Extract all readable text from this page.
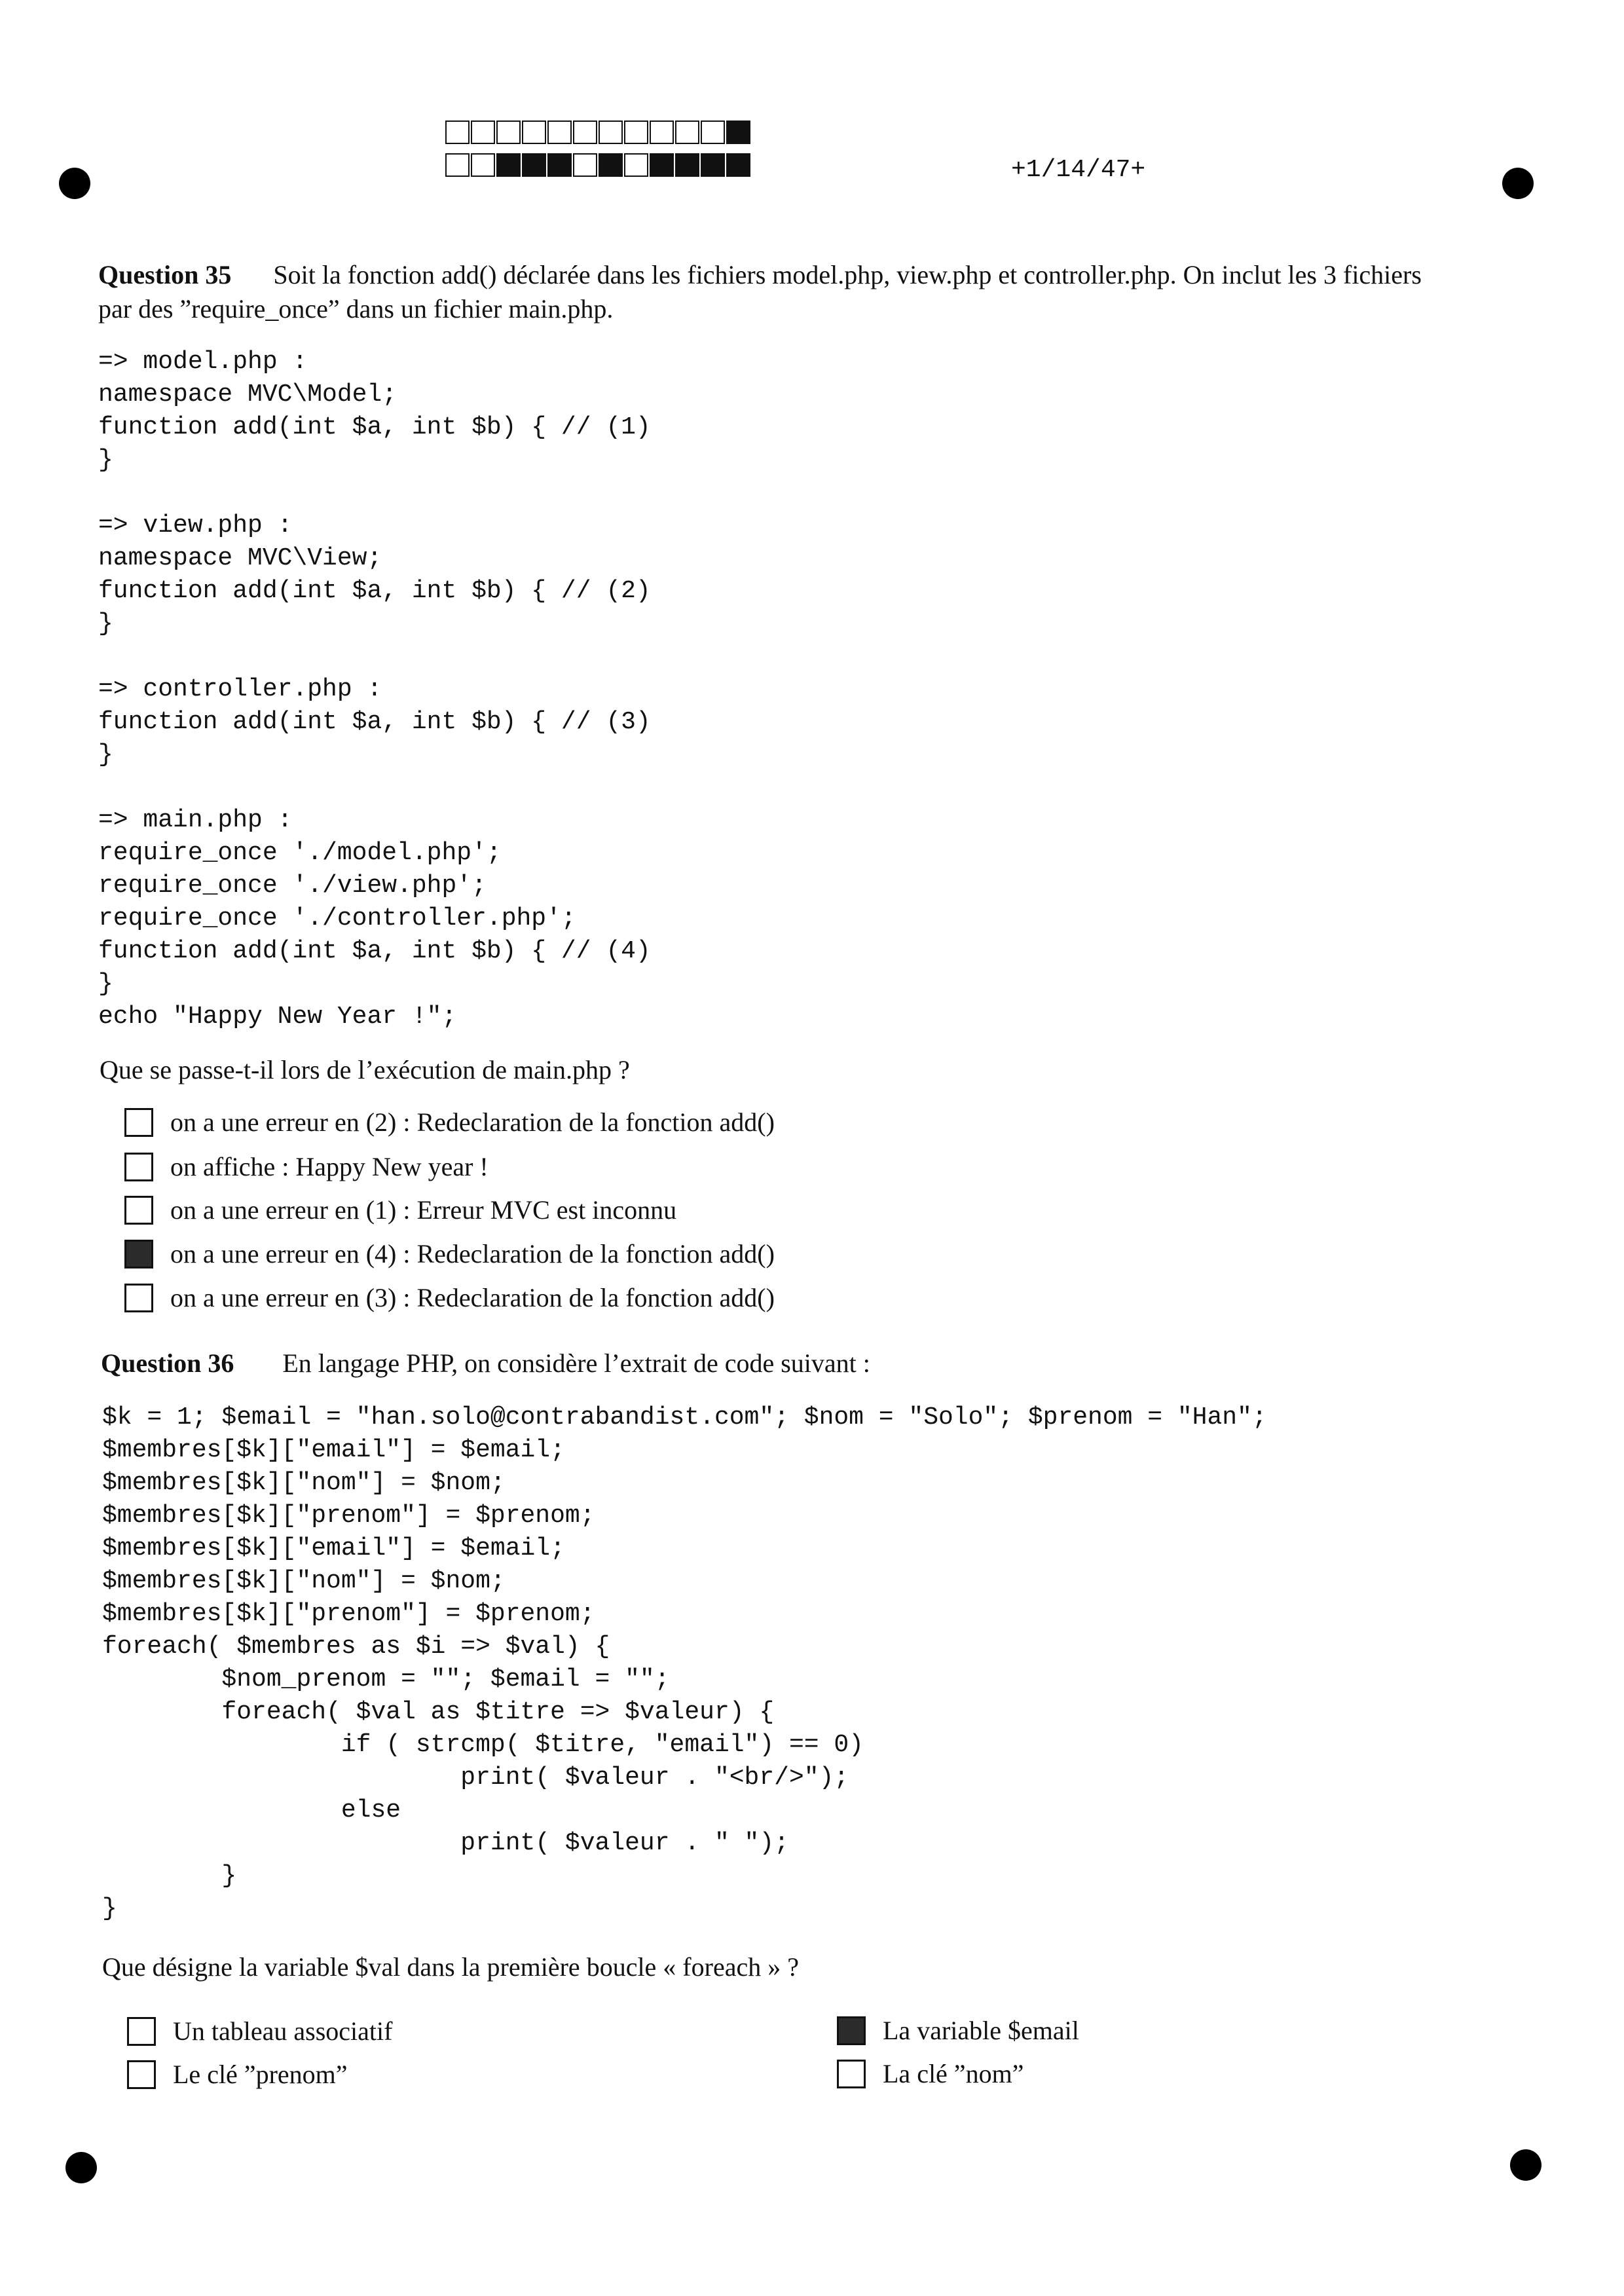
+1/14/47+
Question 35 Soit la fonction add() déclarée dans les fichiers model.php, view.php et controller.php. On inclut les 3 fichiers
par des ”require_once” dans un fichier main.php.
=> model.php :
namespace MVC\Model;
function add(int $a, int $b) { // (1)
}
=> view.php :
namespace MVC\View;
function add(int $a, int $b) { // (2)
}
=> controller.php :
function add(int $a, int $b) { // (3)
}
=> main.php :
require_once './model.php';
require_once './view.php';
require_once './controller.php';
function add(int $a, int $b) { // (4)
}
echo "Happy New Year !";
Que se passe-t-il lors de l’exécution de main.php ?
on a une erreur en (2) : Redeclaration de la fonction add()
on affiche : Happy New year !
on a une erreur en (1) : Erreur MVC est inconnu
on a une erreur en (4) : Redeclaration de la fonction add()
on a une erreur en (3) : Redeclaration de la fonction add()
Question 36 En langage PHP, on considère l’extrait de code suivant :
$k = 1; $email = "han.solo@contrabandist.com"; $nom = "Solo"; $prenom = "Han";
$membres[$k]["email"] = $email;
$membres[$k]["nom"] = $nom;
$membres[$k]["prenom"] = $prenom;
$membres[$k]["email"] = $email;
$membres[$k]["nom"] = $nom;
$membres[$k]["prenom"] = $prenom;
foreach( $membres as $i => $val) {
$nom_prenom = ""; $email = "";
foreach( $val as $titre => $valeur) {
if ( strcmp( $titre, "email") == 0)
print( $valeur . "<br/>");
else
print( $valeur . " ");
}
}
Que désigne la variable $val dans la première boucle « foreach » ?
Un tableau associatif
Le clé ”prenom”
La variable $email
La clé ”nom”
